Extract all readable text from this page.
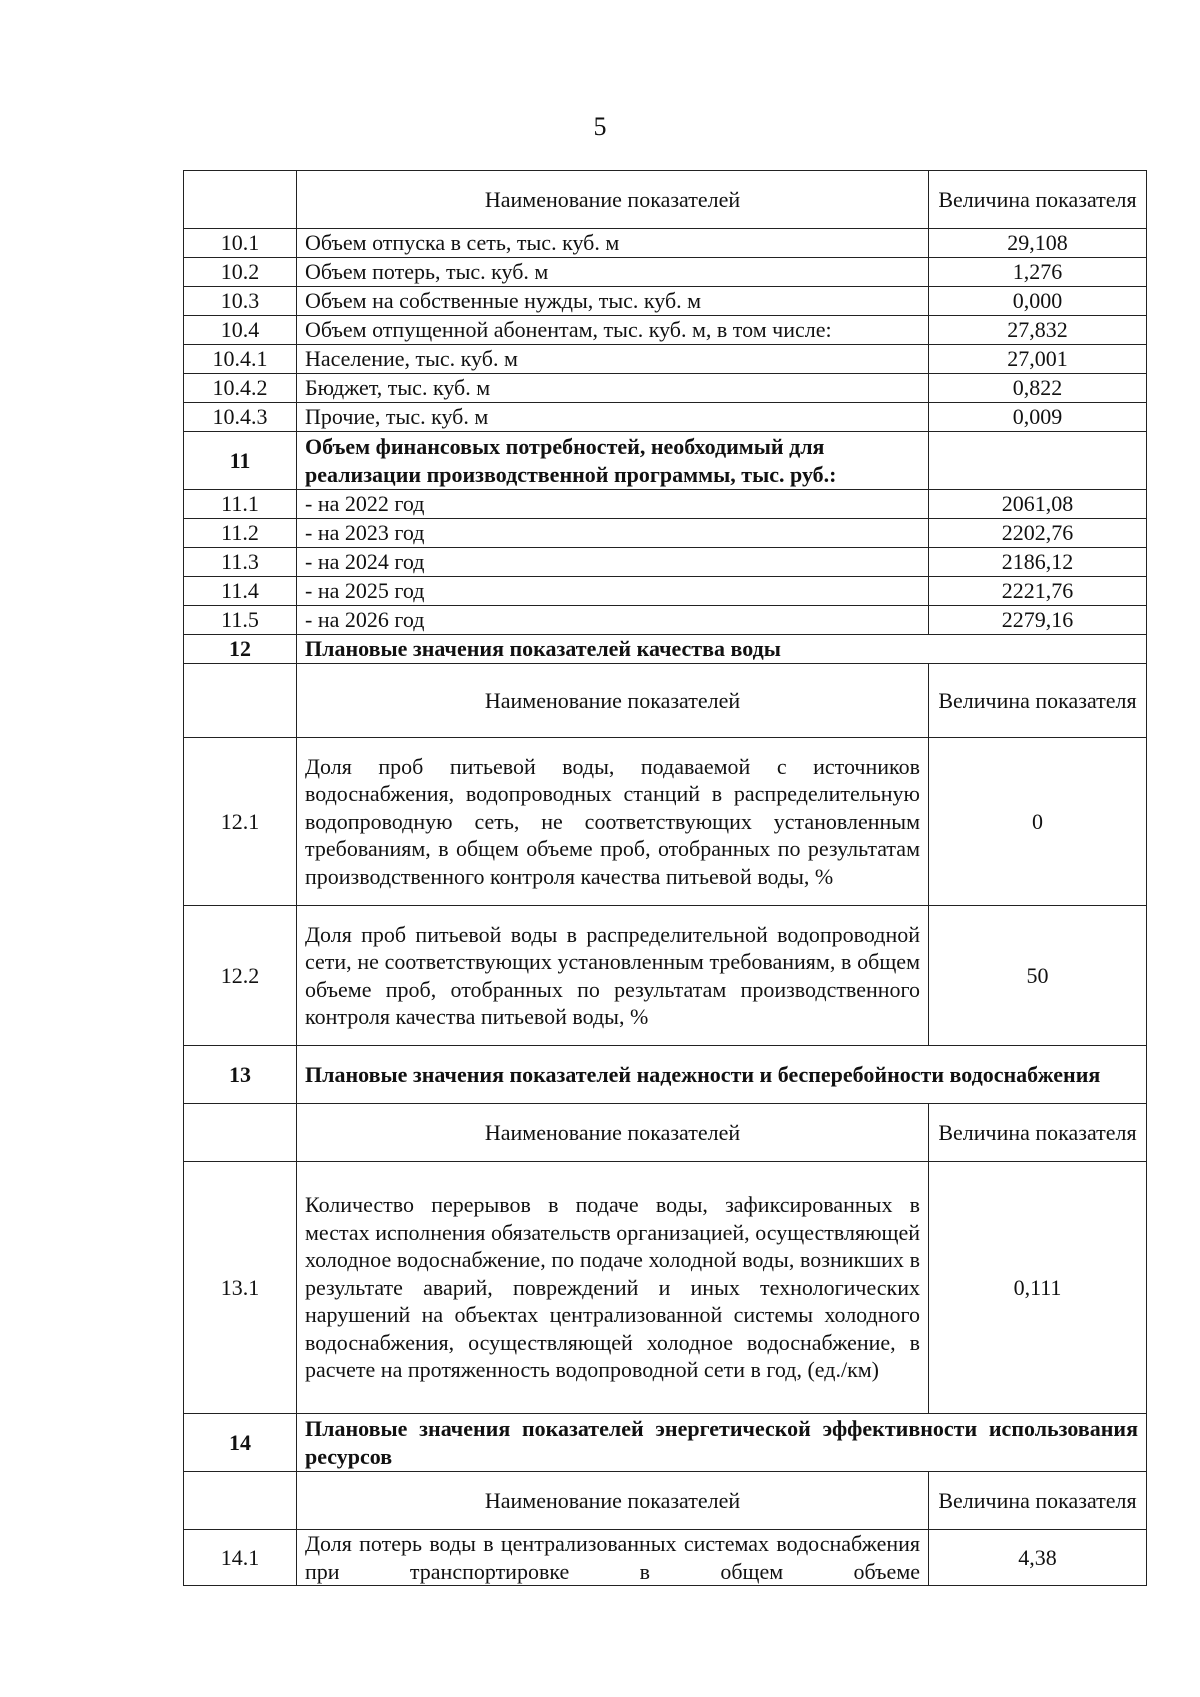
5
	Наименование показателей	Величина показателя
10.1	Объем отпуска в сеть, тыс. куб. м	29,108
10.2	Объем потерь, тыс. куб. м	1,276
10.3	Объем на собственные нужды, тыс. куб. м	0,000
10.4	Объем отпущенной абонентам, тыс. куб. м, в том числе:	27,832
10.4.1	Население, тыс. куб. м	27,001
10.4.2	Бюджет, тыс. куб. м	0,822
10.4.3	Прочие, тыс. куб. м	0,009
11	Объем финансовых потребностей, необходимый для реализации производственной программы, тыс. руб.:	
11.1	- на 2022 год	2061,08
11.2	- на 2023 год	2202,76
11.3	- на 2024 год	2186,12
11.4	- на 2025 год	2221,76
11.5	- на 2026 год	2279,16
12	Плановые значения показателей качества воды	
	Наименование показателей	Величина показателя
12.1	Доля проб питьевой воды, подаваемой с источников водоснабжения, водопроводных станций в распределительную водопроводную сеть, не соответствующих установленным требованиям, в общем объеме проб, отобранных по результатам производственного контроля качества питьевой воды, %	0
12.2	Доля проб питьевой воды в распределительной водопроводной сети, не соответствующих установленным требованиям, в общем объеме проб, отобранных по результатам производственного контроля качества питьевой воды, %	50
13	Плановые значения показателей надежности и бесперебойности водоснабжения	
	Наименование показателей	Величина показателя
13.1	Количество перерывов в подаче воды, зафиксированных в местах исполнения обязательств организацией, осуществляющей холодное водоснабжение, по подаче холодной воды, возникших в результате аварий, повреждений и иных технологических нарушений на объектах централизованной системы холодного водоснабжения, осуществляющей холодное водоснабжение, в расчете на протяженность водопроводной сети в год, (ед./км)	0,111
14	Плановые значения показателей энергетической эффективности использования ресурсов	
	Наименование показателей	Величина показателя
14.1	Доля потерь воды в централизованных системах водоснабжения при транспортировке в общем объеме	4,38
